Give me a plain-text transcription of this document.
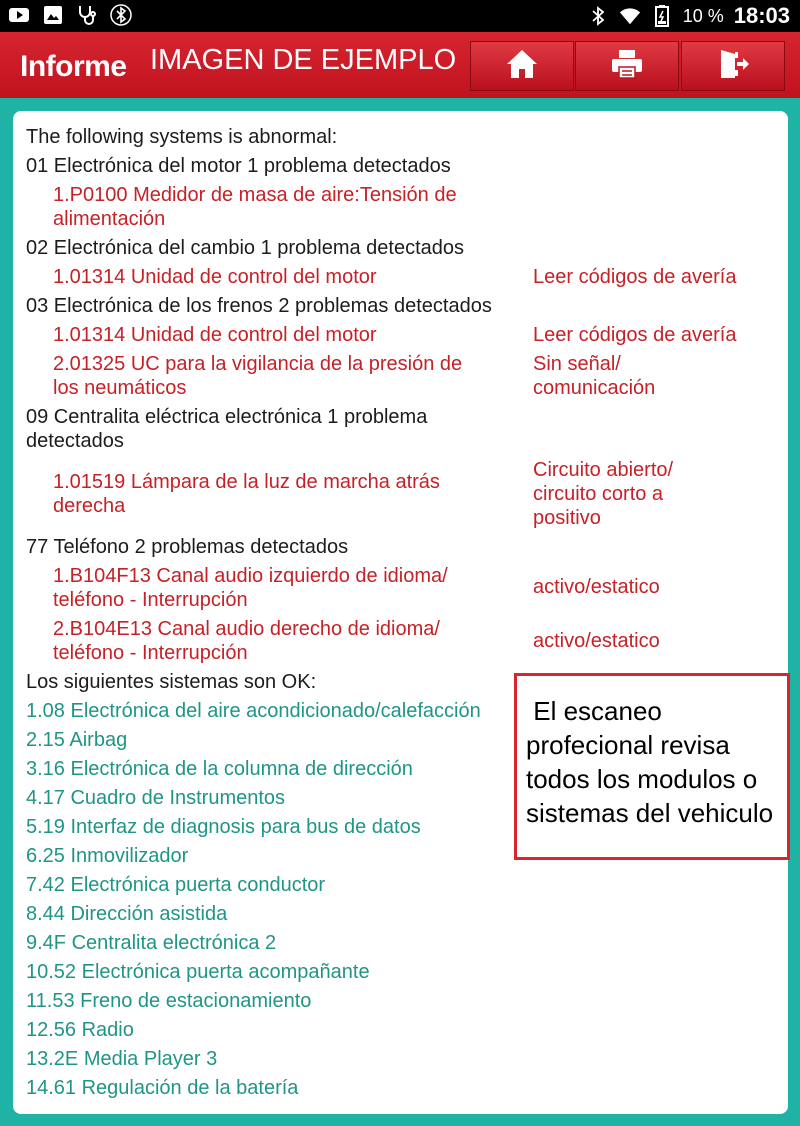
10 % 18:03
Informe IMAGEN DE EJEMPLO
The following systems is abnormal:
01 Electrónica del motor 1 problema detectados
1.P0100 Medidor de masa de aire:Tensión de
alimentación
02 Electrónica del cambio 1 problema detectados
1.01314 Unidad de control del motor	Leer códigos de avería
03 Electrónica de los frenos 2 problemas detectados
1.01314 Unidad de control del motor	Leer códigos de avería
2.01325 UC para la vigilancia de la presión de
los neumáticos
Sin señal/
comunicación
09 Centralita eléctrica electrónica 1 problema
detectados
1.01519 Lámpara de la luz de marcha atrás
derecha
Circuito abierto/
circuito corto a
positivo
77 Teléfono 2 problemas detectados
1.B104F13 Canal audio izquierdo de idioma/
teléfono - Interrupción
activo/estatico
2.B104E13 Canal audio derecho de idioma/
teléfono - Interrupción
activo/estatico
Los siguientes sistemas son OK:
1.08 Electrónica del aire acondicionado/calefacción
2.15 Airbag
3.16 Electrónica de la columna de dirección
4.17 Cuadro de Instrumentos
5.19 Interfaz de diagnosis para bus de datos
6.25 Inmovilizador
7.42 Electrónica puerta conductor
8.44 Dirección asistida
9.4F Centralita electrónica 2
10.52 Electrónica puerta acompañante
11.53 Freno de estacionamiento
12.56 Radio
13.2E Media Player 3
14.61 Regulación de la batería
El escaneo
profecional revisa
todos los modulos o
sistemas del vehiculo
